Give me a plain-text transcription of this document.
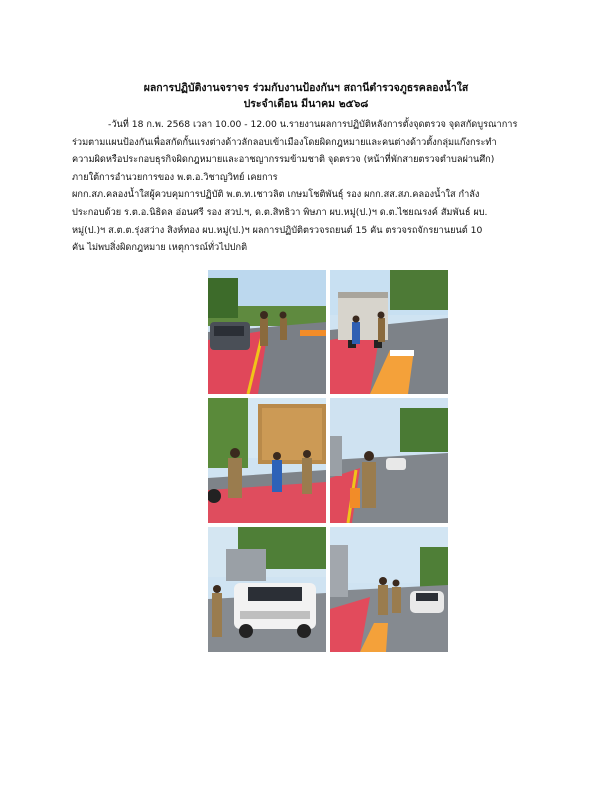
ผลการปฏิบัติงานจราจร ร่วมกับงานป้องกันฯ สถานีตำรวจภูธรคลองน้ำใส
ประจำเดือน มีนาคม ๒๕๖๘

-วันที่ 18 ก.พ. 2568 เวลา 10.00 - 12.00 น.รายงานผลการปฏิบัติหลังการตั้งจุดตรวจ จุดสกัดบูรณาการ

ร่วมตามแผนป้องกันเพื่อสกัดกั้นแรงต่างด้าวลักลอบเข้าเมืองโดยผิดกฎหมายและคนต่างด้าวตั้งกลุ่มแก๊งกระทำ

ความผิดหรือประกอบธุรกิจผิดกฎหมายและอาชญากรรมข้ามชาติ จุดตรวจ (หน้าที่พักสายตรวจตำบลผ่านศึก)

ภายใต้การอำนวยการของ พ.ต.อ.วิชาญวิทย์ เคยการ

ผกก.สภ.คลองน้ำใสผู้ควบคุมการปฏิบัติ พ.ต.ท.เชาวลิต เกษมโชติพันธุ์ รอง ผกก.สส.สภ.คลองน้ำใส กำลัง

ประกอบด้วย ร.ต.อ.นิธิดล อ่อนศรี รอง สวป.ฯ, ด.ต.สิทธิวา พิษภา ผบ.หมู่(ป.)ฯ ด.ต.ไชยณรงค์ สัมพันธ์ ผบ.

หมู่(ป.)ฯ ส.ต.ต.รุ่งสว่าง สิงห์ทอง ผบ.หมู่(ป.)ฯ ผลการปฏิบัติตรวจรถยนต์ 15 คัน ตรวจรถจักรยานยนต์ 10

คัน ไม่พบสิ่งผิดกฎหมาย เหตุการณ์ทั่วไปปกติ
